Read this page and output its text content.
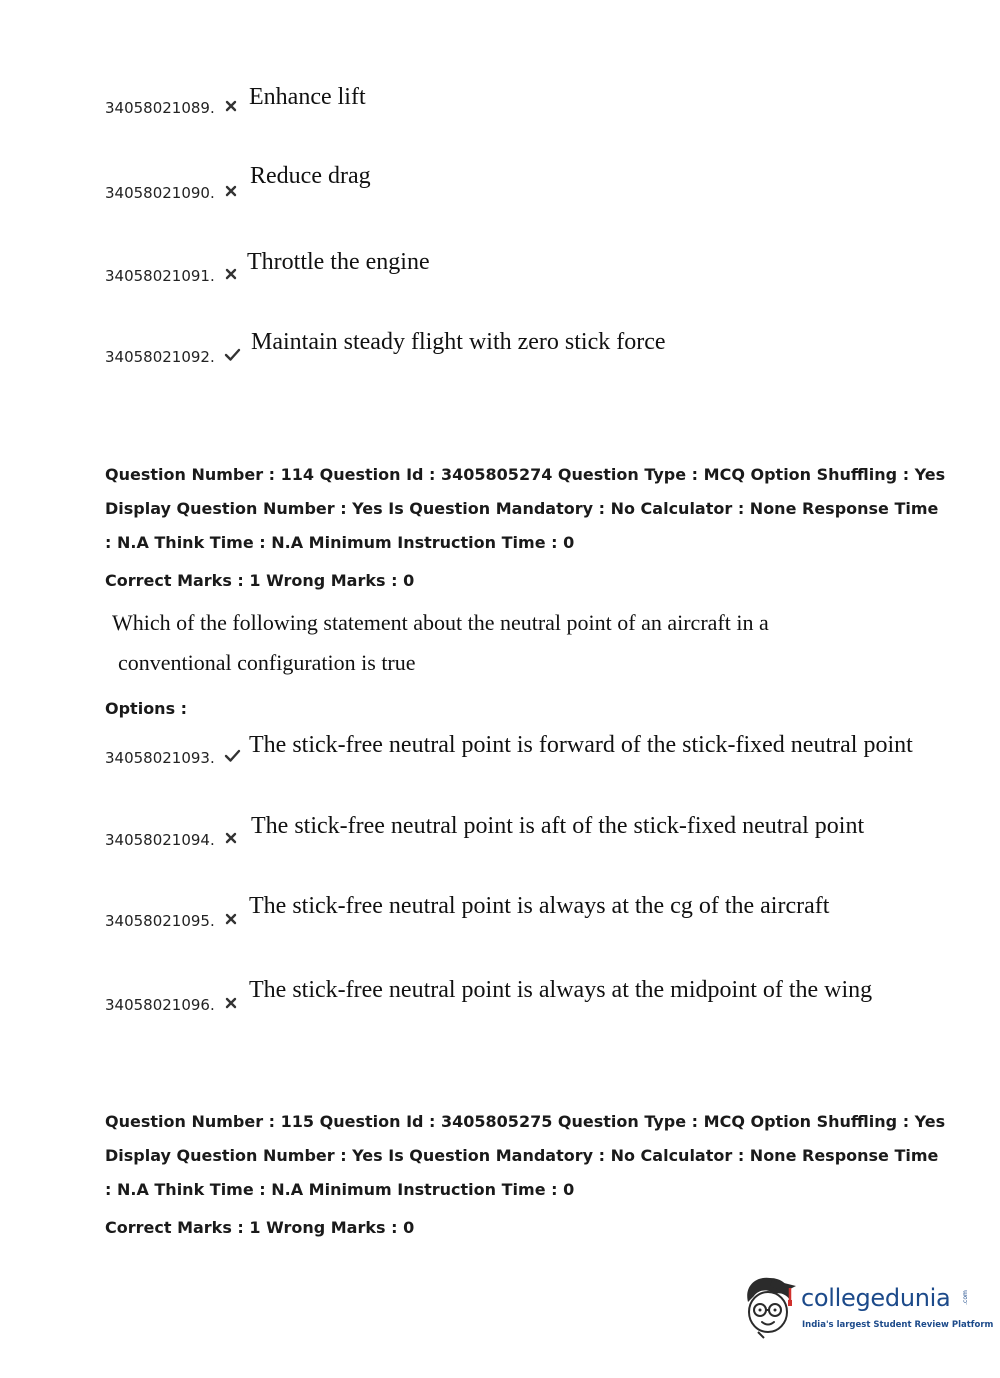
34058021089. Enhance lift
34058021090.
Reduce drag
34058021091.
Throttle the engine
34058021092.
Maintain steady flight with zero stick force
Question Number : 114 Question Id : 3405805274 Question Type : MCQ Option Shuffling : Yes
Display Question Number : Yes Is Question Mandatory : No Calculator : None Response Time
: N.A Think Time : N.A Minimum Instruction Time : 0
Correct Marks : 1 Wrong Marks : 0
Which of the following statement about the neutral point of an aircraft in a
conventional configuration is true
Options :
34058021093. The stick-free neutral point is forward of the stick-fixed neutral point
34058021094.
The stick-free neutral point is aft of the stick-fixed neutral point
34058021095.
The stick-free neutral point is always at the cg of the aircraft
34058021096.
The stick-free neutral point is always at the midpoint of the wing
Question Number : 115 Question Id : 3405805275 Question Type : MCQ Option Shuffling : Yes
Display Question Number : Yes Is Question Mandatory : No Calculator : None Response Time
: N.A Think Time : N.A Minimum Instruction Time : 0
Correct Marks : 1 Wrong Marks : 0
collegedunia .com
India's largest Student Review Platform
